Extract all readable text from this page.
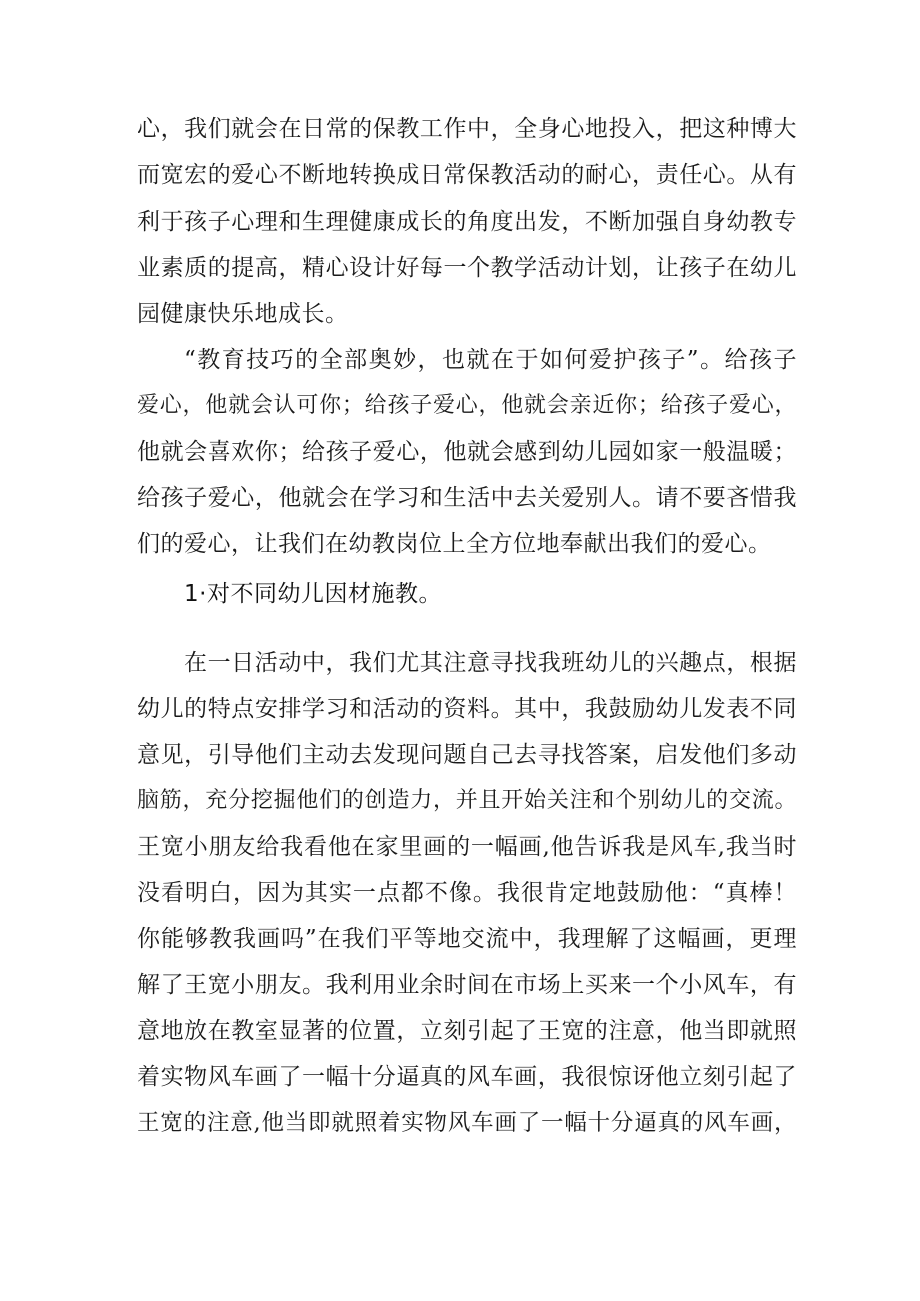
心，我们就会在日常的保教工作中，全身心地投入，把这种博大
而宽宏的爱心不断地转换成日常保教活动的耐心，责任心。从有
利于孩子心理和生理健康成长的角度出发，不断加强自身幼教专
业素质的提高，精心设计好每一个教学活动计划，让孩子在幼儿
园健康快乐地成长。
“教育技巧的全部奥妙，也就在于如何爱护孩子”。给孩子
爱心，他就会认可你；给孩子爱心，他就会亲近你；给孩子爱心，
他就会喜欢你；给孩子爱心，他就会感到幼儿园如家一般温暖；
给孩子爱心，他就会在学习和生活中去关爱别人。请不要吝惜我
们的爱心，让我们在幼教岗位上全方位地奉献出我们的爱心。
1·对不同幼儿因材施教。
在一日活动中，我们尤其注意寻找我班幼儿的兴趣点，根据
幼儿的特点安排学习和活动的资料。其中，我鼓励幼儿发表不同
意见，引导他们主动去发现问题自己去寻找答案，启发他们多动
脑筋，充分挖掘他们的创造力，并且开始关注和个别幼儿的交流。
王宽小朋友给我看他在家里画的一幅画,他告诉我是风车,我当时
没看明白，因为其实一点都不像。我很肯定地鼓励他：“真棒！
你能够教我画吗”在我们平等地交流中，我理解了这幅画，更理
解了王宽小朋友。我利用业余时间在市场上买来一个小风车，有
意地放在教室显著的位置，立刻引起了王宽的注意，他当即就照
着实物风车画了一幅十分逼真的风车画，我很惊讶他立刻引起了
王宽的注意,他当即就照着实物风车画了一幅十分逼真的风车画，
